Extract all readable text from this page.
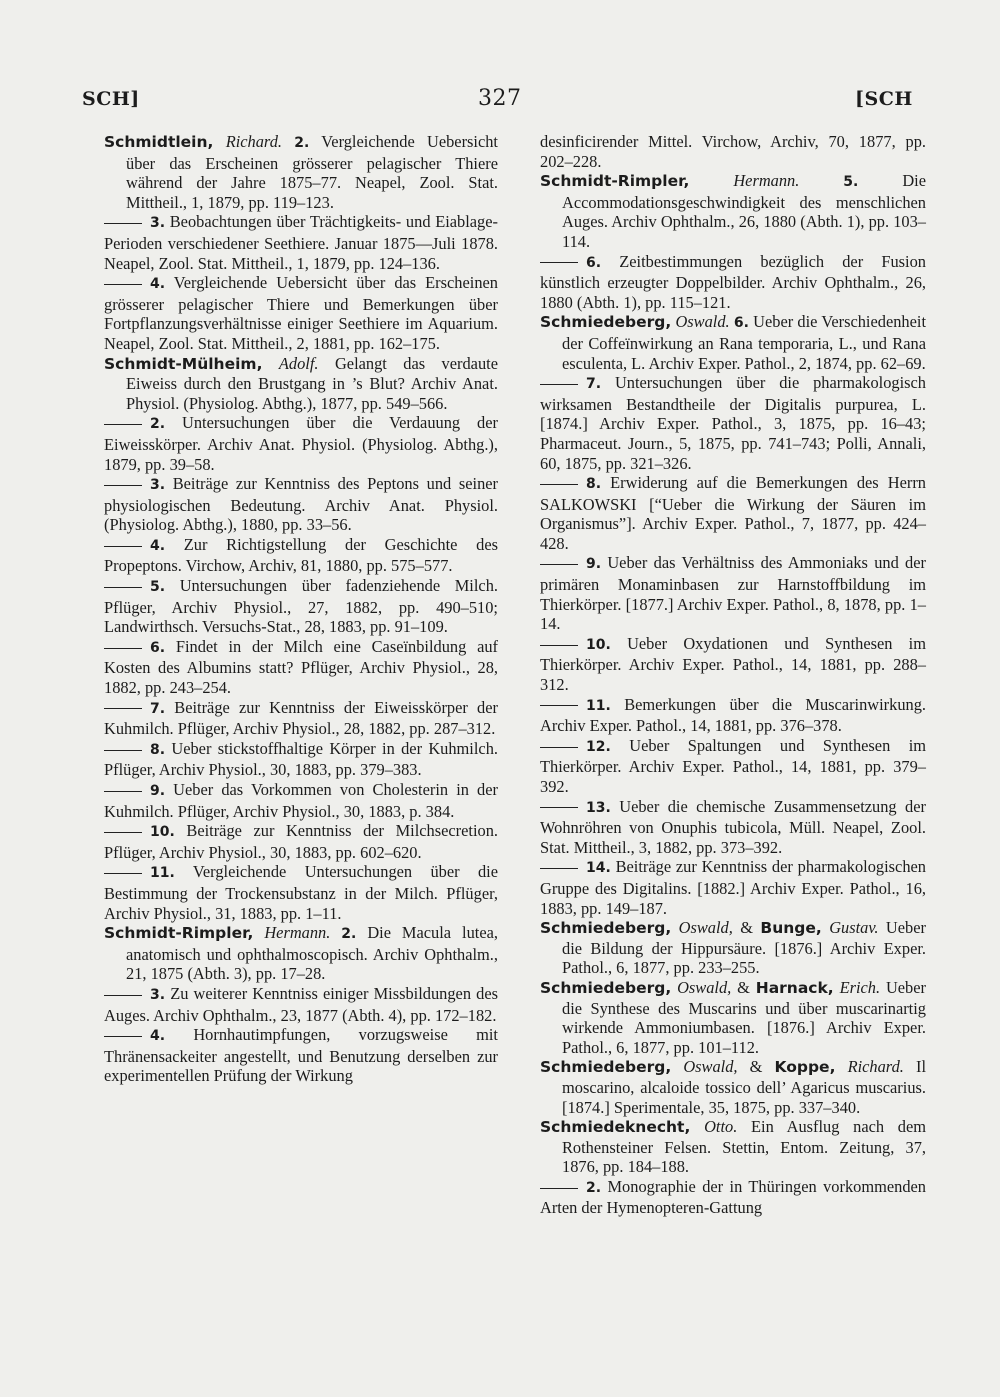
SCH]	327	[SCH

Schmidtlein, Richard. 2. Vergleichende Uebersicht über das Erscheinen grösserer pelagischer Thiere während der Jahre 1875–77. Neapel, Zool. Stat. Mittheil., 1, 1879, pp. 119–123.

3. Beobachtungen über Trächtigkeits- und Eiablage-Perioden verschiedener Seethiere. Januar 1875—Juli 1878. Neapel, Zool. Stat. Mittheil., 1, 1879, pp. 124–136.

4. Vergleichende Uebersicht über das Erscheinen grösserer pelagischer Thiere und Bemerkungen über Fortpflanzungsverhältnisse einiger Seethiere im Aquarium. Neapel, Zool. Stat. Mittheil., 2, 1881, pp. 162–175.

Schmidt-Mülheim, Adolf. Gelangt das verdaute Eiweiss durch den Brustgang in ’s Blut? Archiv Anat. Physiol. (Physiolog. Abthg.), 1877, pp. 549–566.

2. Untersuchungen über die Verdauung der Eiweisskörper. Archiv Anat. Physiol. (Physiolog. Abthg.), 1879, pp. 39–58.

3. Beiträge zur Kenntniss des Peptons und seiner physiologischen Bedeutung. Archiv Anat. Physiol. (Physiolog. Abthg.), 1880, pp. 33–56.

4. Zur Richtigstellung der Geschichte des Propeptons. Virchow, Archiv, 81, 1880, pp. 575–577.

5. Untersuchungen über fadenziehende Milch. Pflüger, Archiv Physiol., 27, 1882, pp. 490–510; Landwirthsch. Versuchs-Stat., 28, 1883, pp. 91–109.

6. Findet in der Milch eine Caseïnbildung auf Kosten des Albumins statt? Pflüger, Archiv Physiol., 28, 1882, pp. 243–254.

7. Beiträge zur Kenntniss der Eiweisskörper der Kuhmilch. Pflüger, Archiv Physiol., 28, 1882, pp. 287–312.

8. Ueber stickstoffhaltige Körper in der Kuhmilch. Pflüger, Archiv Physiol., 30, 1883, pp. 379–383.

9. Ueber das Vorkommen von Cholesterin in der Kuhmilch. Pflüger, Archiv Physiol., 30, 1883, p. 384.

10. Beiträge zur Kenntniss der Milchsecretion. Pflüger, Archiv Physiol., 30, 1883, pp. 602–620.

11. Vergleichende Untersuchungen über die Bestimmung der Trockensubstanz in der Milch. Pflüger, Archiv Physiol., 31, 1883, pp. 1–11.

Schmidt-Rimpler, Hermann. 2. Die Macula lutea, anatomisch und ophthalmoscopisch. Archiv Ophthalm., 21, 1875 (Abth. 3), pp. 17–28.

3. Zu weiterer Kenntniss einiger Missbildungen des Auges. Archiv Ophthalm., 23, 1877 (Abth. 4), pp. 172–182.

4. Hornhautimpfungen, vorzugsweise mit Thränensackeiter angestellt, und Benutzung derselben zur experimentellen Prüfung der Wirkung

desinficirender Mittel. Virchow, Archiv, 70, 1877, pp. 202–228.

Schmidt-Rimpler,	Hermann.	5.	Die Accommodationsgeschwindigkeit des menschlichen Auges. Archiv Ophthalm., 26, 1880 (Abth. 1), pp. 103–114.

6. Zeitbestimmungen bezüglich der Fusion künstlich erzeugter Doppelbilder. Archiv Ophthalm., 26, 1880 (Abth. 1), pp. 115–121.

Schmiedeberg, Oswald. 6. Ueber die Verschiedenheit der Coffeïnwirkung an Rana temporaria, L., und Rana esculenta, L. Archiv Exper. Pathol., 2, 1874, pp. 62–69.

7. Untersuchungen über die pharmakologisch wirksamen Bestandtheile der Digitalis purpurea, L. [1874.] Archiv Exper. Pathol., 3, 1875, pp. 16–43; Pharmaceut. Journ., 5, 1875, pp. 741–743; Polli, Annali, 60, 1875, pp. 321–326.

8. Erwiderung auf die Bemerkungen des Herrn SALKOWSKI [“Ueber die Wirkung der Säuren im Organismus”]. Archiv Exper. Pathol., 7, 1877, pp. 424–428.

9. Ueber das Verhältniss des Ammoniaks und der primären Monaminbasen zur Harnstoffbildung im Thierkörper. [1877.] Archiv Exper. Pathol., 8, 1878, pp. 1–14.

10. Ueber Oxydationen und Synthesen im Thierkörper. Archiv Exper. Pathol., 14, 1881, pp. 288–312.

11. Bemerkungen über die Muscarinwirkung. Archiv Exper. Pathol., 14, 1881, pp. 376–378.

12. Ueber Spaltungen und Synthesen im Thierkörper. Archiv Exper. Pathol., 14, 1881, pp. 379–392.

13. Ueber die chemische Zusammensetzung der Wohnröhren von Onuphis tubicola, Müll. Neapel, Zool. Stat. Mittheil., 3, 1882, pp. 373–392.

14. Beiträge zur Kenntniss der pharmakologischen Gruppe des Digitalins. [1882.] Archiv Exper. Pathol., 16, 1883, pp. 149–187.

Schmiedeberg, Oswald, & Bunge, Gustav. Ueber die Bildung der Hippursäure. [1876.] Archiv Exper. Pathol., 6, 1877, pp. 233–255.

Schmiedeberg, Oswald, & Harnack, Erich. Ueber die Synthese des Muscarins und über muscarinartig wirkende Ammoniumbasen. [1876.] Archiv Exper. Pathol., 6, 1877, pp. 101–112.

Schmiedeberg, Oswald, & Koppe, Richard. Il moscarino, alcaloide tossico dell’ Agaricus muscarius. [1874.] Sperimentale, 35, 1875, pp. 337–340.

Schmiedeknecht, Otto. Ein Ausflug nach dem Rothensteiner Felsen. Stettin, Entom. Zeitung, 37, 1876, pp. 184–188.

2. Monographie der in Thüringen vorkommenden Arten der Hymenopteren-Gattung
